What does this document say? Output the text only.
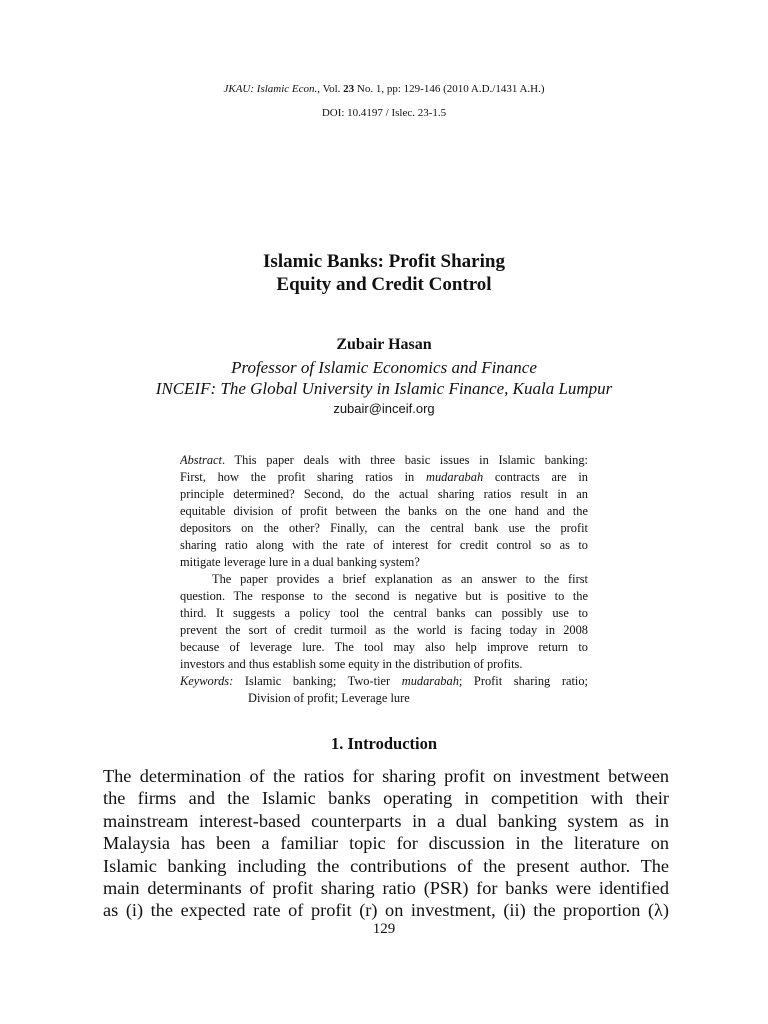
JKAU: Islamic Econ., Vol. 23 No. 1, pp: 129-146 (2010 A.D./1431 A.H.)
DOI: 10.4197 / Islec. 23-1.5
Islamic Banks: Profit Sharing
Equity and Credit Control
Zubair Hasan
Professor of Islamic Economics and Finance
INCEIF: The Global University in Islamic Finance, Kuala Lumpur
zubair@inceif.org
Abstract. This paper deals with three basic issues in Islamic banking:
First, how the profit sharing ratios in mudarabah contracts are in
principle determined? Second, do the actual sharing ratios result in an
equitable division of profit between the banks on the one hand and the
depositors on the other? Finally, can the central bank use the profit
sharing ratio along with the rate of interest for credit control so as to
mitigate leverage lure in a dual banking system?
The paper provides a brief explanation as an answer to the first
question. The response to the second is negative but is positive to the
third. It suggests a policy tool the central banks can possibly use to
prevent the sort of credit turmoil as the world is facing today in 2008
because of leverage lure. The tool may also help improve return to
investors and thus establish some equity in the distribution of profits.
Keywords: Islamic banking; Two-tier mudarabah; Profit sharing ratio;
Division of profit; Leverage lure
1. Introduction
The determination of the ratios for sharing profit on investment between
the firms and the Islamic banks operating in competition with their
mainstream interest-based counterparts in a dual banking system as in
Malaysia has been a familiar topic for discussion in the literature on
Islamic banking including the contributions of the present author. The
main determinants of profit sharing ratio (PSR) for banks were identified
as (i) the expected rate of profit (r) on investment, (ii) the proportion (λ)
129
